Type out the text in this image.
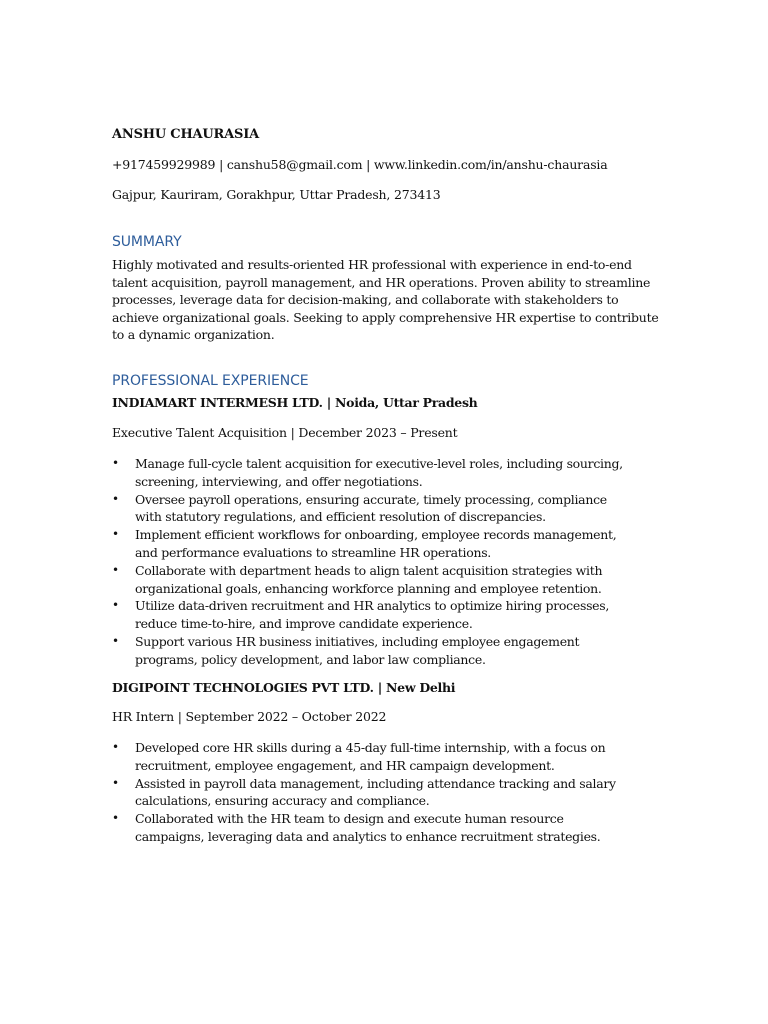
ANSHU CHAURASIA
+917459929989 | canshu58@gmail.com | www.linkedin.com/in/anshu-chaurasia
Gajpur, Kauriram, Gorakhpur, Uttar Pradesh, 273413
SUMMARY

Highly motivated and results-oriented HR professional with experience in end-to-end talent acquisition, payroll management, and HR operations. Proven ability to streamline processes, leverage data for decision-making, and collaborate with stakeholders to achieve organizational goals. Seeking to apply comprehensive HR expertise to contribute to a dynamic organization.

PROFESSIONAL EXPERIENCE
INDIAMART INTERMESH LTD. | Noida, Uttar Pradesh
Executive Talent Acquisition | December 2023 – Present
• Manage full-cycle talent acquisition for executive-level roles, including sourcing, screening, interviewing, and offer negotiations.
• Oversee payroll operations, ensuring accurate, timely processing, compliance with statutory regulations, and efficient resolution of discrepancies.
• Implement efficient workflows for onboarding, employee records management, and performance evaluations to streamline HR operations.
• Collaborate with department heads to align talent acquisition strategies with organizational goals, enhancing workforce planning and employee retention.
• Utilize data-driven recruitment and HR analytics to optimize hiring processes, reduce time-to-hire, and improve candidate experience.
• Support various HR business initiatives, including employee engagement programs, policy development, and labor law compliance.
DIGIPOINT TECHNOLOGIES PVT LTD. | New Delhi
HR Intern | September 2022 – October 2022
• Developed core HR skills during a 45-day full-time internship, with a focus on recruitment, employee engagement, and HR campaign development.
• Assisted in payroll data management, including attendance tracking and salary calculations, ensuring accuracy and compliance.
• Collaborated with the HR team to design and execute human resource campaigns, leveraging data and analytics to enhance recruitment strategies.
